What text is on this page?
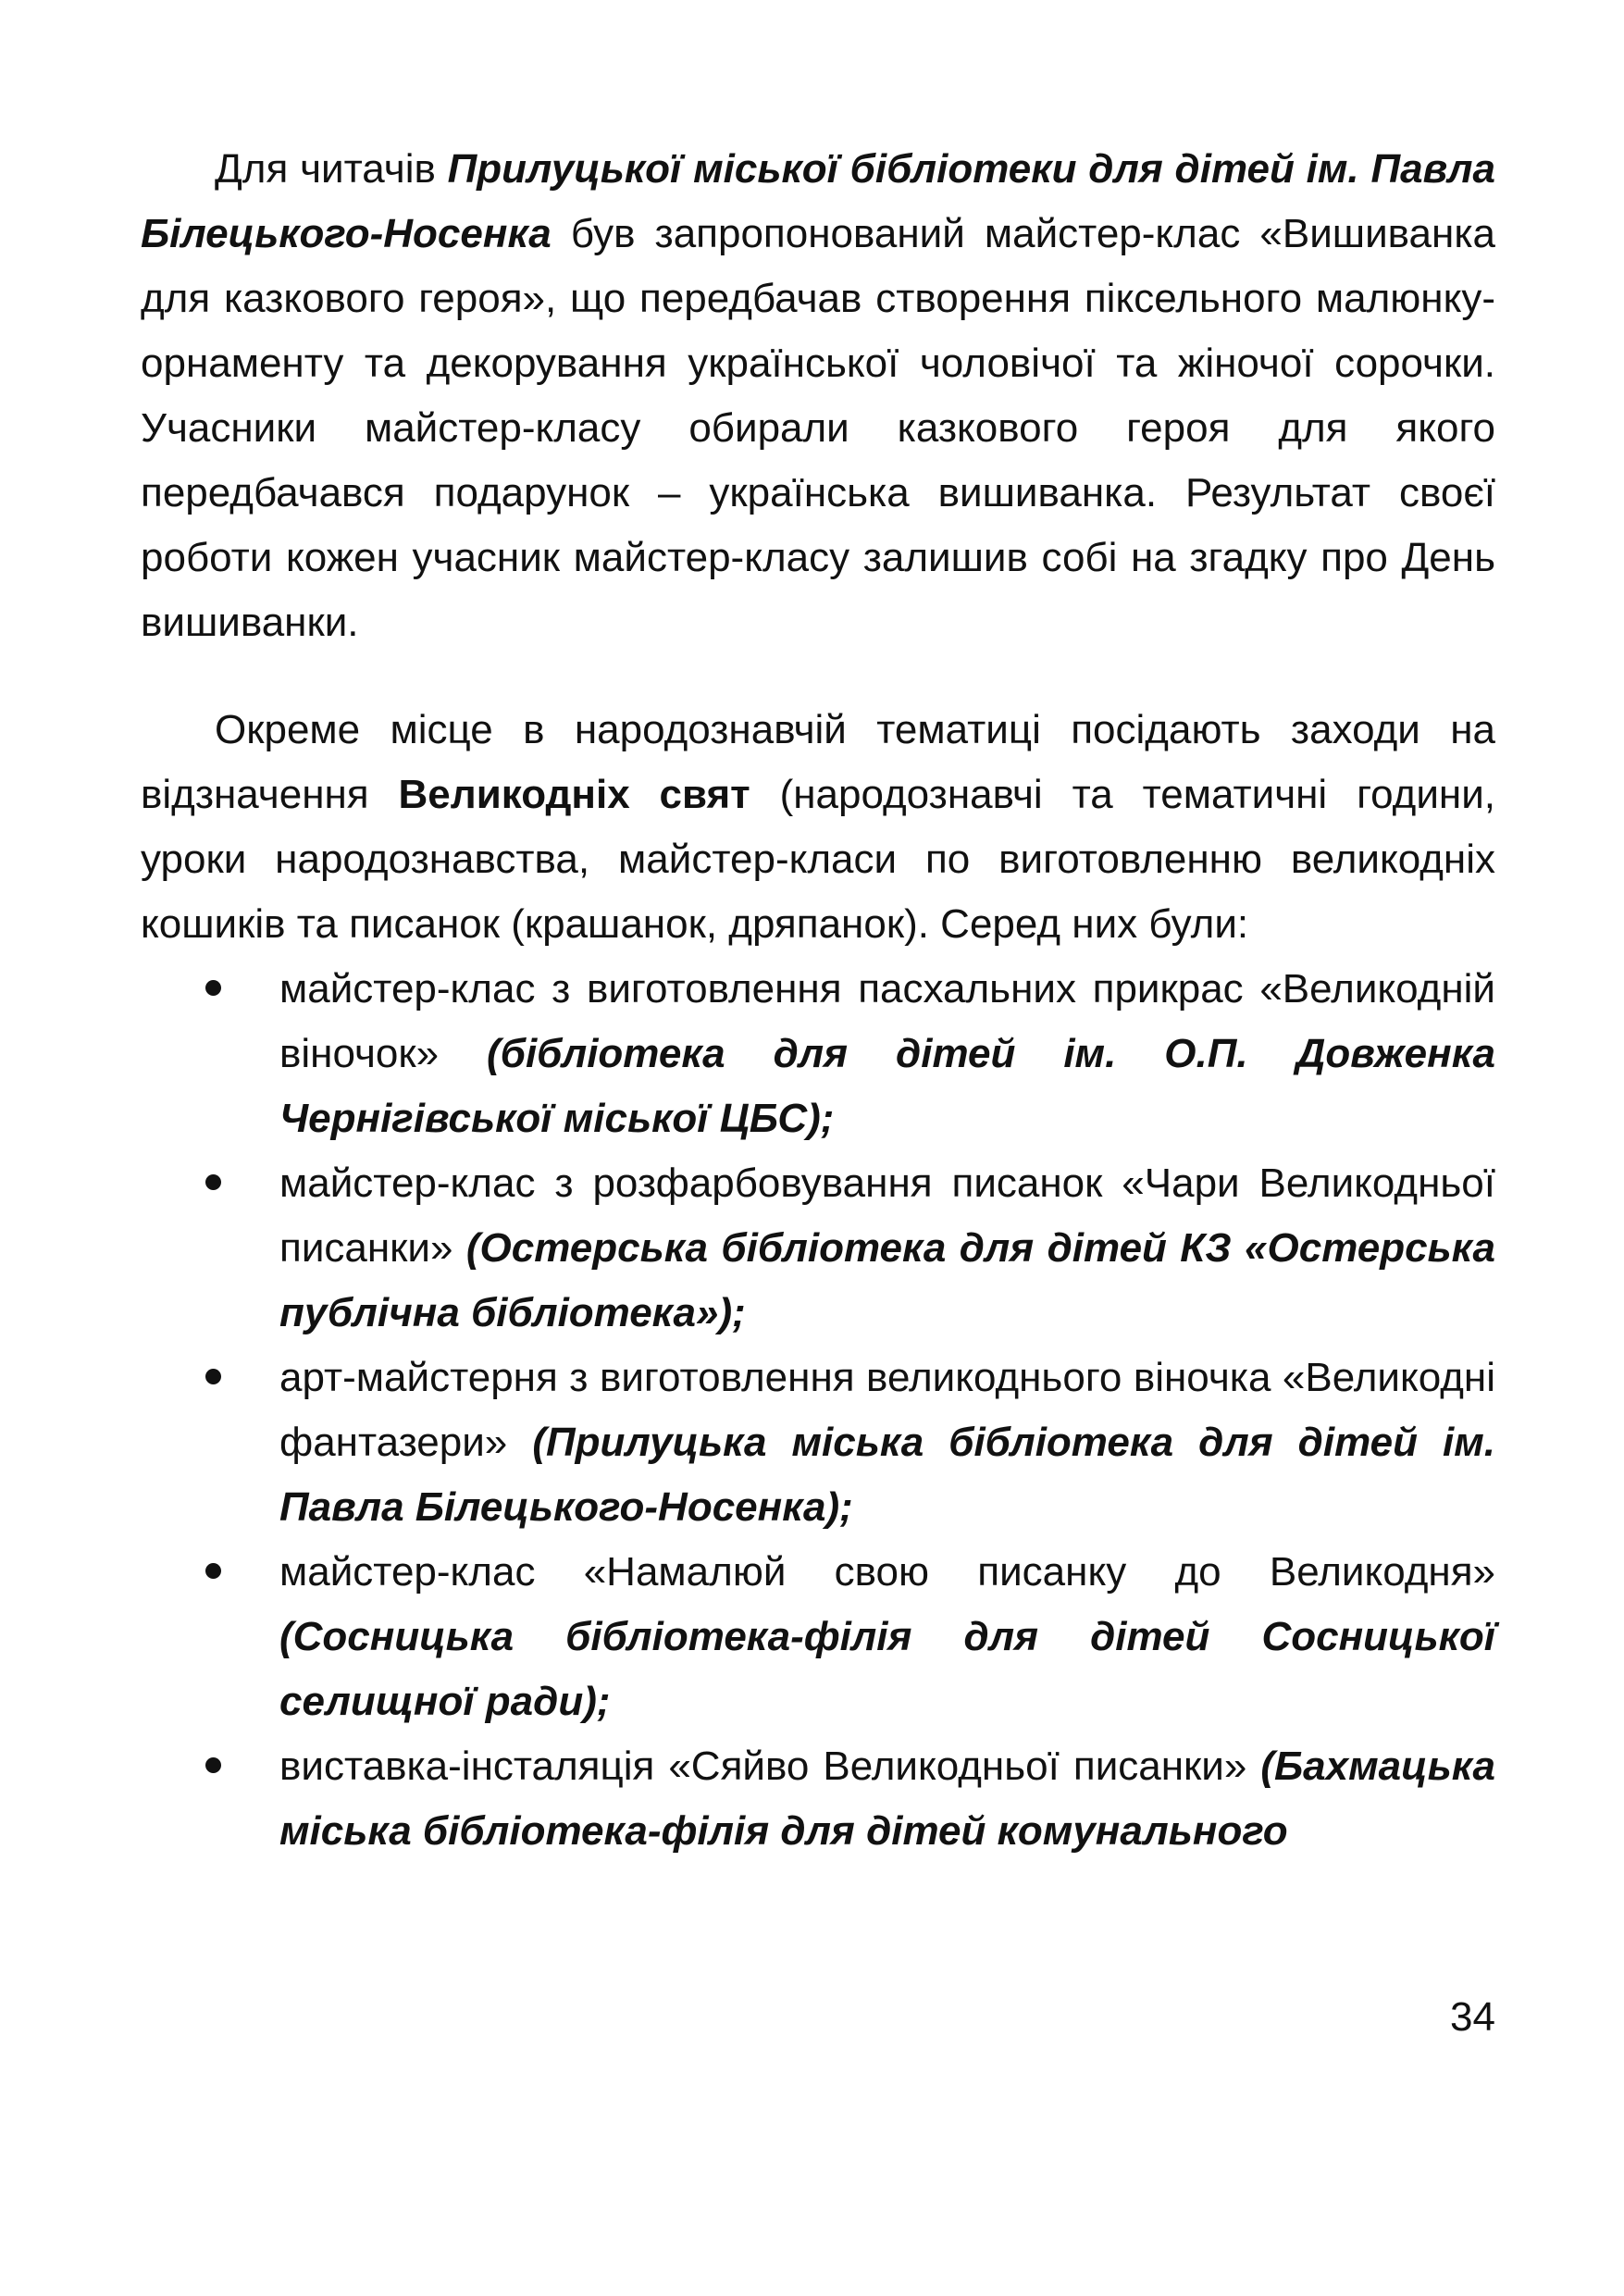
Для читачів Прилуцької міської бібліотеки для дітей ім. Павла Білецького-Носенка був запропонований майстер-клас «Вишиванка для казкового героя», що передбачав створення піксельного малюнку-орнаменту та декорування української чоловічої та жіночої сорочки. Учасники майстер-класу обирали казкового героя для якого передбачався подарунок – українська вишиванка. Результат своєї роботи кожен учасник майстер-класу залишив собі на згадку про День вишиванки.

Окреме місце в народознавчій тематиці посідають заходи на відзначення Великодніх свят (народознавчі та тематичні години, уроки народознавства, майстер-класи по виготовленню великодніх кошиків та писанок (крашанок, дряпанок). Серед них були:

майстер-клас з виготовлення пасхальних прикрас «Великодній віночок» (бібліотека для дітей ім. О.П. Довженка Чернігівської міської ЦБС);
майстер-клас з розфарбовування писанок «Чари Великодньої писанки» (Остерська бібліотека для дітей КЗ «Остерська публічна бібліотека»);
арт-майстерня з виготовлення великоднього віночка «Великодні фантазери» (Прилуцька міська бібліотека для дітей ім. Павла Білецького-Носенка);
майстер-клас «Намалюй свою писанку до Великодня» (Сосницька бібліотека-філія для дітей Сосницької селищної ради);
виставка-інсталяція «Сяйво Великодньої писанки» (Бахмацька міська бібліотека-філія для дітей комунального
34
